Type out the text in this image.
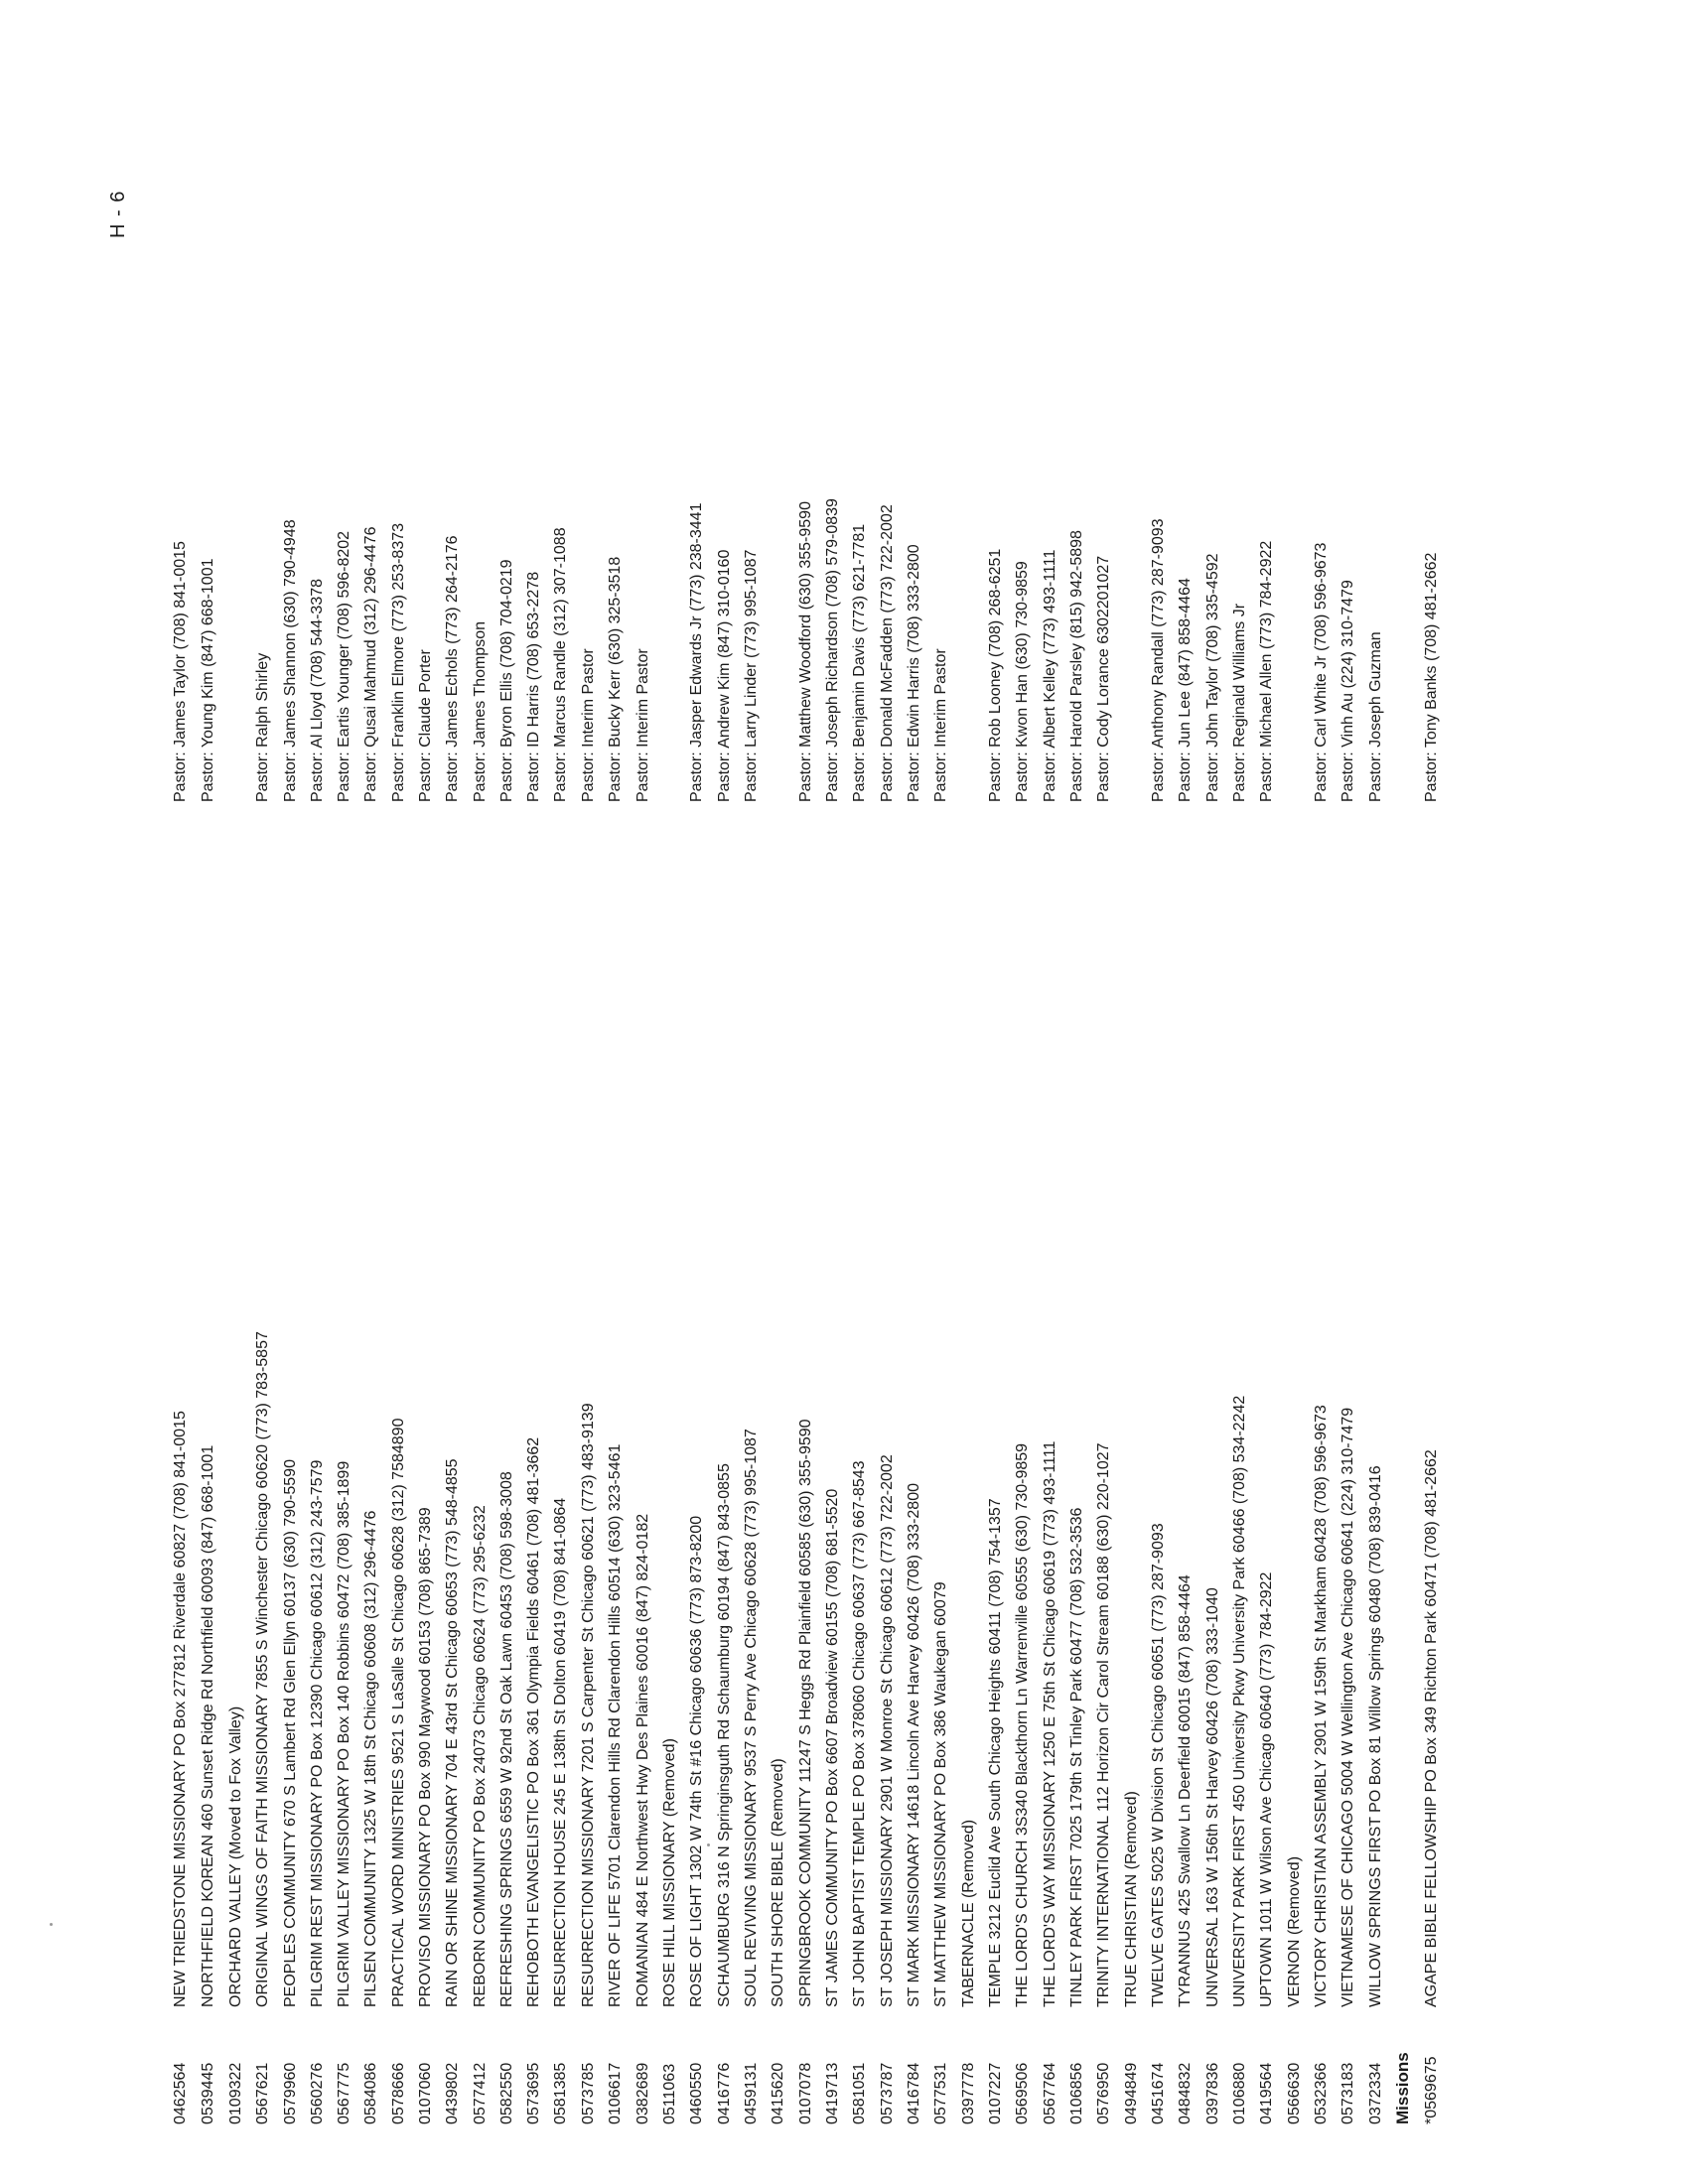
H - 6
0462564
NEW TRIEDSTONE MISSIONARY PO Box 277812 Riverdale 60827 (708) 841-0015
Pastor: James Taylor (708) 841-0015
0539445
NORTHFIELD KOREAN 460 Sunset Ridge Rd Northfield 60093 (847) 668-1001
Pastor: Young Kim (847) 668-1001
0109322
ORCHARD VALLEY (Moved to Fox Valley)
0567621
ORIGINAL WINGS OF FAITH MISSIONARY 7855 S Winchester Chicago 60620 (773) 783-5857
Pastor: Ralph Shirley
0579960
PEOPLES COMMUNITY 670 S Lambert Rd Glen Ellyn 60137 (630) 790-5590
Pastor: James Shannon (630) 790-4948
0560276
PILGRIM REST MISSIONARY PO Box 12390 Chicago 60612 (312) 243-7579
Pastor: Al Lloyd (708) 544-3378
0567775
PILGRIM VALLEY MISSIONARY PO Box 140 Robbins 60472 (708) 385-1899
Pastor: Eartis Younger (708) 596-8202
0584086
PILSEN COMMUNITY 1325 W 18th St Chicago 60608 (312) 296-4476
Pastor: Qusai Mahmud (312) 296-4476
0578666
PRACTICAL WORD MINISTRIES 9521 S LaSalle St Chicago 60628 (312) 7584890
Pastor: Franklin Elmore (773) 253-8373
0107060
PROVISO MISSIONARY PO Box 990 Maywood 60153 (708) 865-7389
Pastor: Claude Porter
0439802
RAIN OR SHINE MISSIONARY 704 E 43rd St Chicago 60653 (773) 548-4855
Pastor: James Echols (773) 264-2176
0577412
REBORN COMMUNITY PO Box 24073 Chicago 60624 (773) 295-6232
Pastor: James Thompson
0582550
REFRESHING SPRINGS 6559 W 92nd St Oak Lawn 60453 (708) 598-3008
Pastor: Byron Ellis (708) 704-0219
0573695
REHOBOTH EVANGELISTIC PO Box 361 Olympia Fields 60461 (708) 481-3662
Pastor: ID Harris (708) 653-2278
0581385
RESURRECTION HOUSE 245 E 138th St Dolton 60419 (708) 841-0864
Pastor: Marcus Randle (312) 307-1088
0573785
RESURRECTION MISSIONARY 7201 S Carpenter St Chicago 60621 (773) 483-9139
Pastor: Interim Pastor
0106617
RIVER OF LIFE 5701 Clarendon Hills Rd Clarendon Hills 60514 (630) 323-5461
Pastor: Bucky Kerr (630) 325-3518
0382689
ROMANIAN 484 E Northwest Hwy Des Plaines 60016 (847) 824-0182
Pastor: Interim Pastor
0511063
ROSE HILL MISSIONARY (Removed)
0460550
ROSE OF LIGHT 1302 W 74th St #16 Chicago 60636 (773) 873-8200
Pastor: Jasper Edwards Jr (773) 238-3441
0416776
SCHAUMBURG 316 N Springinsguth Rd Schaumburg 60194 (847) 843-0855
Pastor: Andrew Kim (847) 310-0160
0459131
SOUL REVIVING MISSIONARY 9537 S Perry Ave Chicago 60628 (773) 995-1087
Pastor: Larry Linder (773) 995-1087
0415620
SOUTH SHORE BIBLE (Removed)
0107078
SPRINGBROOK COMMUNITY 11247 S Heggs Rd Plainfield 60585 (630) 355-9590
Pastor: Matthew Woodford (630) 355-9590
0419713
ST JAMES COMMUNITY PO Box 6607 Broadview 60155 (708) 681-5520
Pastor: Joseph Richardson (708) 579-0839
0581051
ST JOHN BAPTIST TEMPLE PO Box 378060 Chicago 60637 (773) 667-8543
Pastor: Benjamin Davis (773) 621-7781
0573787
ST JOSEPH MISSIONARY 2901 W Monroe St Chicago 60612 (773) 722-2002
Pastor: Donald McFadden (773) 722-2002
0416784
ST MARK MISSIONARY 14618 Lincoln Ave Harvey 60426 (708) 333-2800
Pastor: Edwin Harris (708) 333-2800
0577531
ST MATTHEW MISSIONARY PO Box 386 Waukegan 60079
Pastor: Interim Pastor
0397778
TABERNACLE (Removed)
0107227
TEMPLE 3212 Euclid Ave South Chicago Heights 60411 (708) 754-1357
Pastor: Rob Looney (708) 268-6251
0569506
THE LORD'S CHURCH 3S340 Blackthorn Ln Warrenville 60555 (630) 730-9859
Pastor: Kwon Han (630) 730-9859
0567764
THE LORD'S WAY MISSIONARY 1250 E 75th St Chicago 60619 (773) 493-1111
Pastor: Albert Kelley (773) 493-1111
0106856
TINLEY PARK FIRST 7025 179th St Tinley Park 60477 (708) 532-3536
Pastor: Harold Parsley (815) 942-5898
0576950
TRINITY INTERNATIONAL 112 Horizon Cir Carol Stream 60188 (630) 220-1027
Pastor: Cody Lorance 6302201027
0494849
TRUE CHRISTIAN (Removed)
0451674
TWELVE GATES 5025 W Division St Chicago 60651 (773) 287-9093
Pastor: Anthony Randall (773) 287-9093
0484832
TYRANNUS 425 Swallow Ln Deerfield 60015 (847) 858-4464
Pastor: Jun Lee (847) 858-4464
0397836
UNIVERSAL 163 W 156th St Harvey 60426 (708) 333-1040
Pastor: John Taylor (708) 335-4592
0106880
UNIVERSITY PARK FIRST 450 University Pkwy University Park 60466 (708) 534-2242
Pastor: Reginald Williams Jr
0419564
UPTOWN 1011 W Wilson Ave Chicago 60640 (773) 784-2922
Pastor: Michael Allen (773) 784-2922
0566630
VERNON (Removed)
0532366
VICTORY CHRISTIAN ASSEMBLY 2901 W 159th St Markham 60428 (708) 596-9673
Pastor: Carl White Jr (708) 596-9673
0573183
VIETNAMESE OF CHICAGO 5004 W Wellington Ave Chicago 60641 (224) 310-7479
Pastor: Vinh Au (224) 310-7479
0372334
WILLOW SPRINGS FIRST PO Box 81 Willow Springs 60480 (708) 839-0416
Pastor: Joseph Guzman
Missions *0569675
AGAPE BIBLE FELLOWSHIP PO Box 349 Richton Park 60471 (708) 481-2662
Pastor: Tony Banks (708) 481-2662
